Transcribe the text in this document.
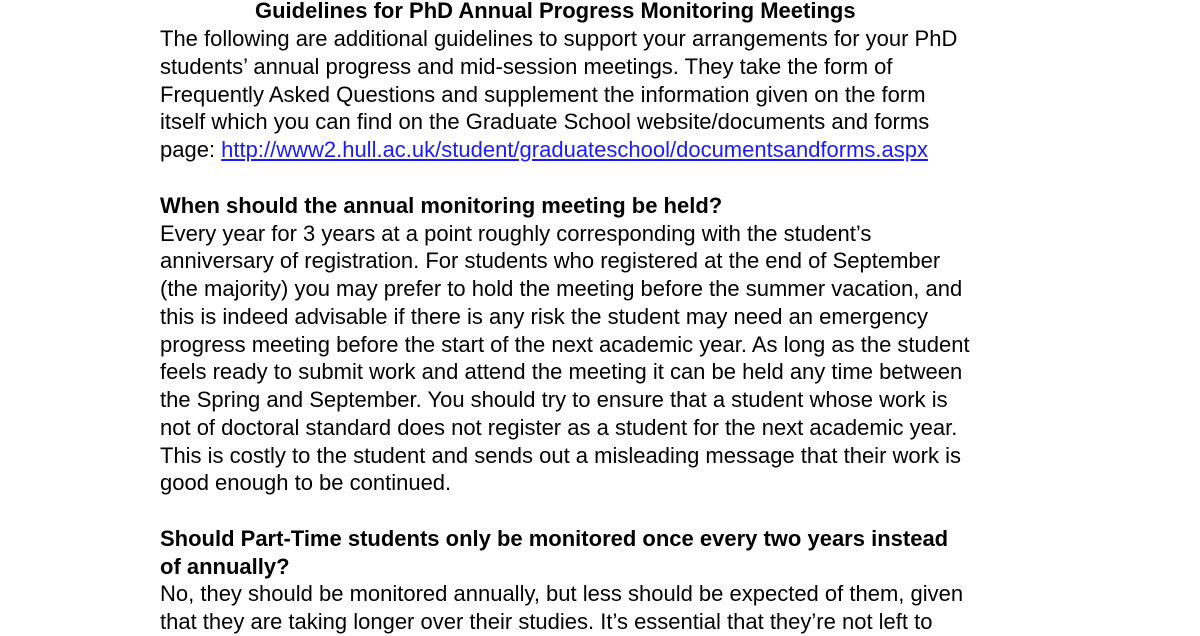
Guidelines for PhD Annual Progress Monitoring Meetings
The following are additional guidelines to support your arrangements for your PhD
students’ annual progress and mid-session meetings. They take the form of
Frequently Asked Questions and supplement the information given on the form
itself which you can find on the Graduate School website/documents and forms
page: http://www2.hull.ac.uk/student/graduateschool/documentsandforms.aspx
When should the annual monitoring meeting be held?
Every year for 3 years at a point roughly corresponding with the student’s
anniversary of registration. For students who registered at the end of September
(the majority) you may prefer to hold the meeting before the summer vacation, and
this is indeed advisable if there is any risk the student may need an emergency
progress meeting before the start of the next academic year. As long as the student
feels ready to submit work and attend the meeting it can be held any time between
the Spring and September. You should try to ensure that a student whose work is
not of doctoral standard does not register as a student for the next academic year.
This is costly to the student and sends out a misleading message that their work is
good enough to be continued.
Should Part-Time students only be monitored once every two years instead
of annually?
No, they should be monitored annually, but less should be expected of them, given
that they are taking longer over their studies. It’s essential that they’re not left to
